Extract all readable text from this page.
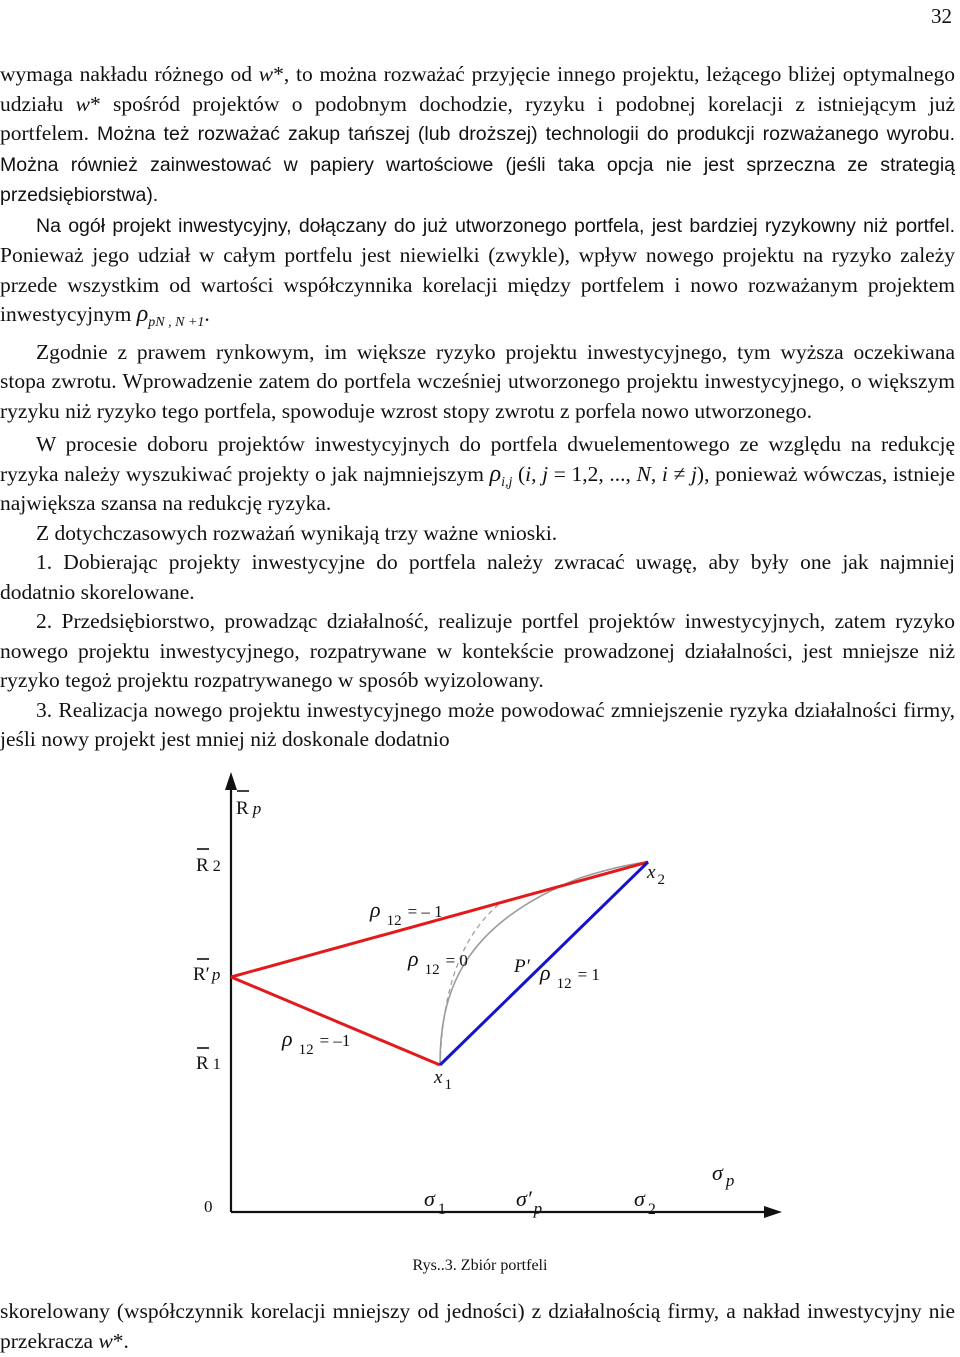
32

wymaga nakładu różnego od w*, to można rozważać przyjęcie innego projektu, leżącego bliżej optymalnego udziału w* spośród projektów o podobnym dochodzie, ryzyku i podobnej korelacji z istniejącym już portfelem. Można też rozważać zakup tańszej (lub droższej) technologii do produkcji rozważanego wyrobu. Można również zainwestować w papiery wartościowe (jeśli taka opcja nie jest sprzeczna ze strategią przedsiębiorstwa).

Na ogół projekt inwestycyjny, dołączany do już utworzonego portfela, jest bardziej ryzykowny niż portfel. Ponieważ jego udział w całym portfelu jest niewielki (zwykle), wpływ nowego projektu na ryzyko zależy przede wszystkim od wartości współczynnika korelacji między portfelem i nowo rozważanym projektem inwestycyjnym $\rho_{pN , N +1}$.

Zgodnie z prawem rynkowym, im większe ryzyko projektu inwestycyjnego, tym wyższa oczekiwana stopa zwrotu. Wprowadzenie zatem do portfela wcześniej utworzonego projektu inwestycyjnego, o większym ryzyku niż ryzyko tego portfela, spowoduje wzrost stopy zwrotu z porfela nowo utworzonego.

W procesie doboru projektów inwestycyjnych do portfela dwuelementowego ze względu na redukcję ryzyka należy wyszukiwać projekty o jak najmniejszym $\rho_{i,j}$ (i, j = 1,2, ..., N, i ≠ j), ponieważ wówczas, istnieje największa szansa na redukcję ryzyka.

Z dotychczasowych rozważań wynikają trzy ważne wnioski.

1. Dobierając projekty inwestycyjne do portfela należy zwracać uwagę, aby były one jak najmniej dodatnio skorelowane.

2. Przedsiębiorstwo, prowadząc działalność, realizuje portfel projektów inwestycyjnych, zatem ryzyko nowego projektu inwestycyjnego, rozpatrywane w kontekście prowadzonej działalności, jest mniejsze niż ryzyko tegoż projektu rozpatrywanego w sposób wyizolowany.

3. Realizacja nowego projektu inwestycyjnego może powodować zmniejszenie ryzyka działalności firmy, jeśli nowy projekt jest mniej niż doskonale dodatnio

R p
R 2
R′ p
R 1
0	σ $_1$	σ′ $_p$	σ $_2$
σ $_p$
x $_2$
x $_1$
P′
ρ $_{12}$ $^{= - 1}$
ρ $_{12}$ $^{= 0}$	ρ $_{12}$ $^{= 1}$
ρ $_{12}$ $^{= -1}$
Rys..3. Zbiór portfeli

skorelowany (współczynnik korelacji mniejszy od jedności) z działalnością firmy, a nakład inwestycyjny nie przekracza w*.
